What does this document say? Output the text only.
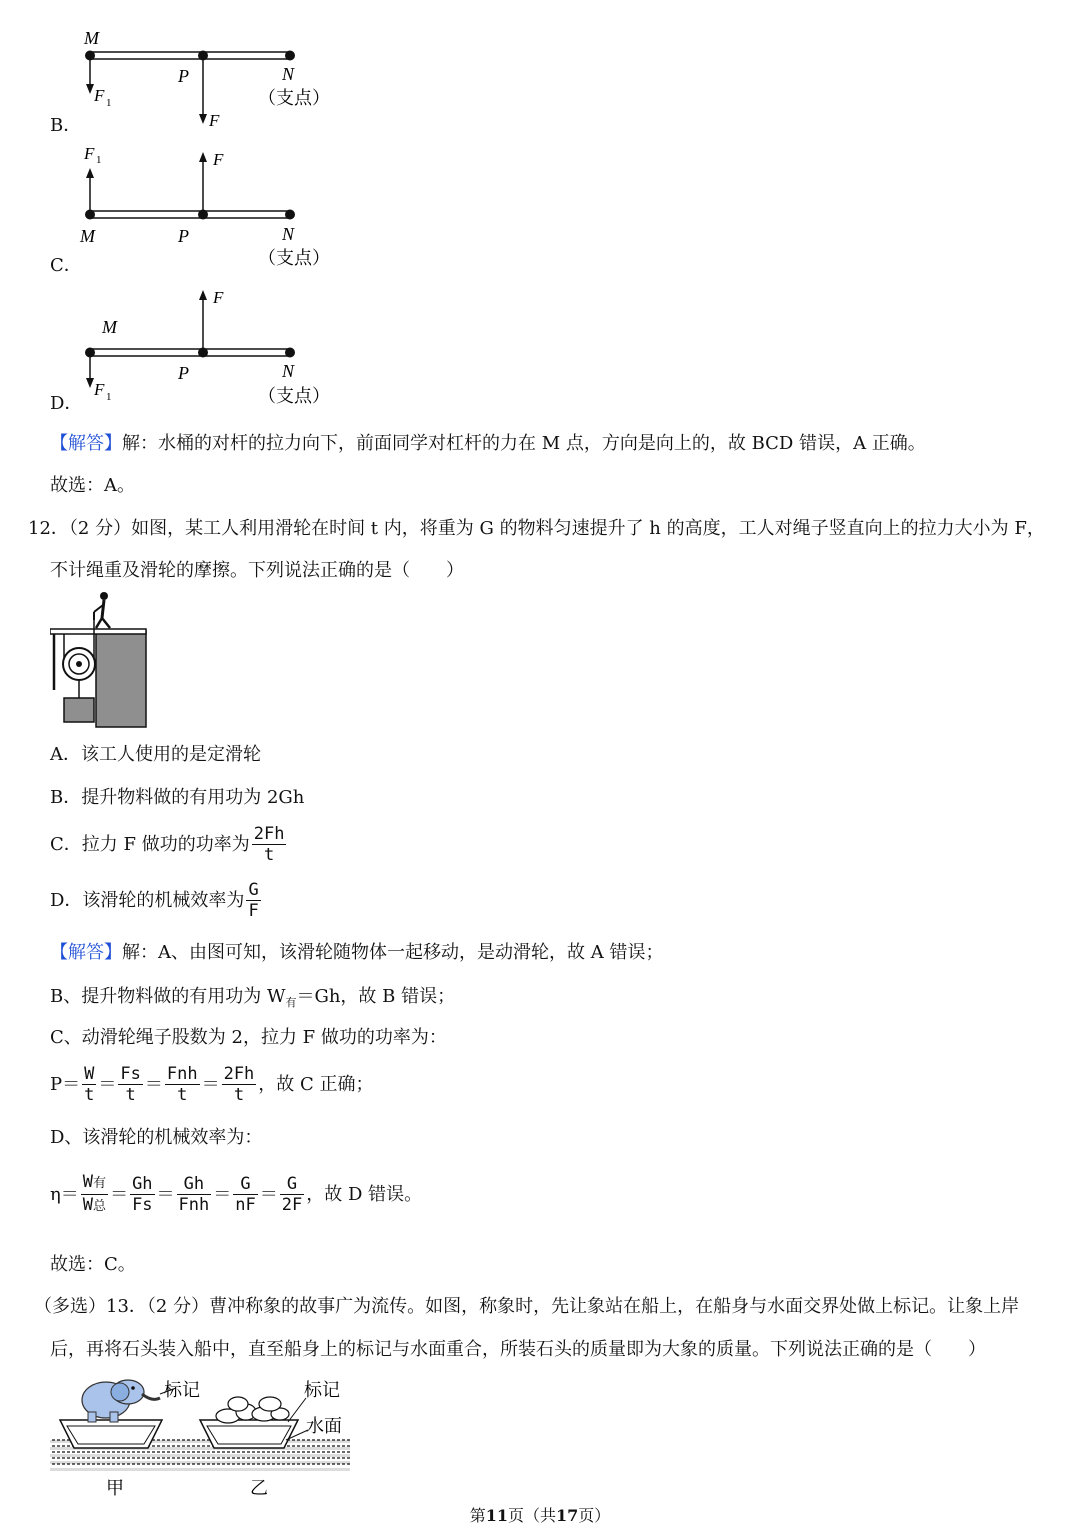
B．
M
P	N
F 1
F
（支点）
C．
F 1	F
M	P	N
（支点）
D．
F
M
P	N
F 1	（支点）
【解答】解：水桶的对杆的拉力向下，前面同学对杠杆的力在 M 点，方向是向上的，故 BCD 错误，A 正确。
故选：A。
12．（2 分）如图，某工人利用滑轮在时间 t 内，将重为 G 的物料匀速提升了 h 的高度，工人对绳子竖直向上的拉力大小为 F，
不计绳重及滑轮的摩擦。下列说法正确的是（　　）
A．该工人使用的是定滑轮
B．提升物料做的有用功为 2Gh
C．拉力 F 做功的功率为 $\frac{2Fh}{t}$
D．该滑轮的机械效率为 $\frac{G}{F}$
【解答】解：A、由图可知，该滑轮随物体一起移动，是动滑轮，故 A 错误；
B、提升物料做的有用功为 $W_有=Gh$，故 B 错误；
C、动滑轮绳子股数为 2，拉力 F 做功的功率为：
$P= \frac{W}{t} = \frac{Fs}{t} = \frac{\text{Fnh}}{t} = \frac{2Fh}{t}$ ，故 C 正确；
D、该滑轮的机械效率为：
$\eta= \frac{\text{W有}}{\text{W总}} = \frac{Gh}{Fs} = \frac{Gh}{\text{Fnh}} = \frac{G}{nF} = \frac{G}{2F}$ ，故 D 错误。
故选：C。
（多选）13．（2 分）曹冲称象的故事广为流传。如图，称象时，先让象站在船上，在船身与水面交界处做上标记。让象上岸
后，再将石头装入船中，直至船身上的标记与水面重合，所装石头的质量即为大象的质量。下列说法正确的是（　　）
标记	标记
水面
甲	乙
第11页（共17页）
